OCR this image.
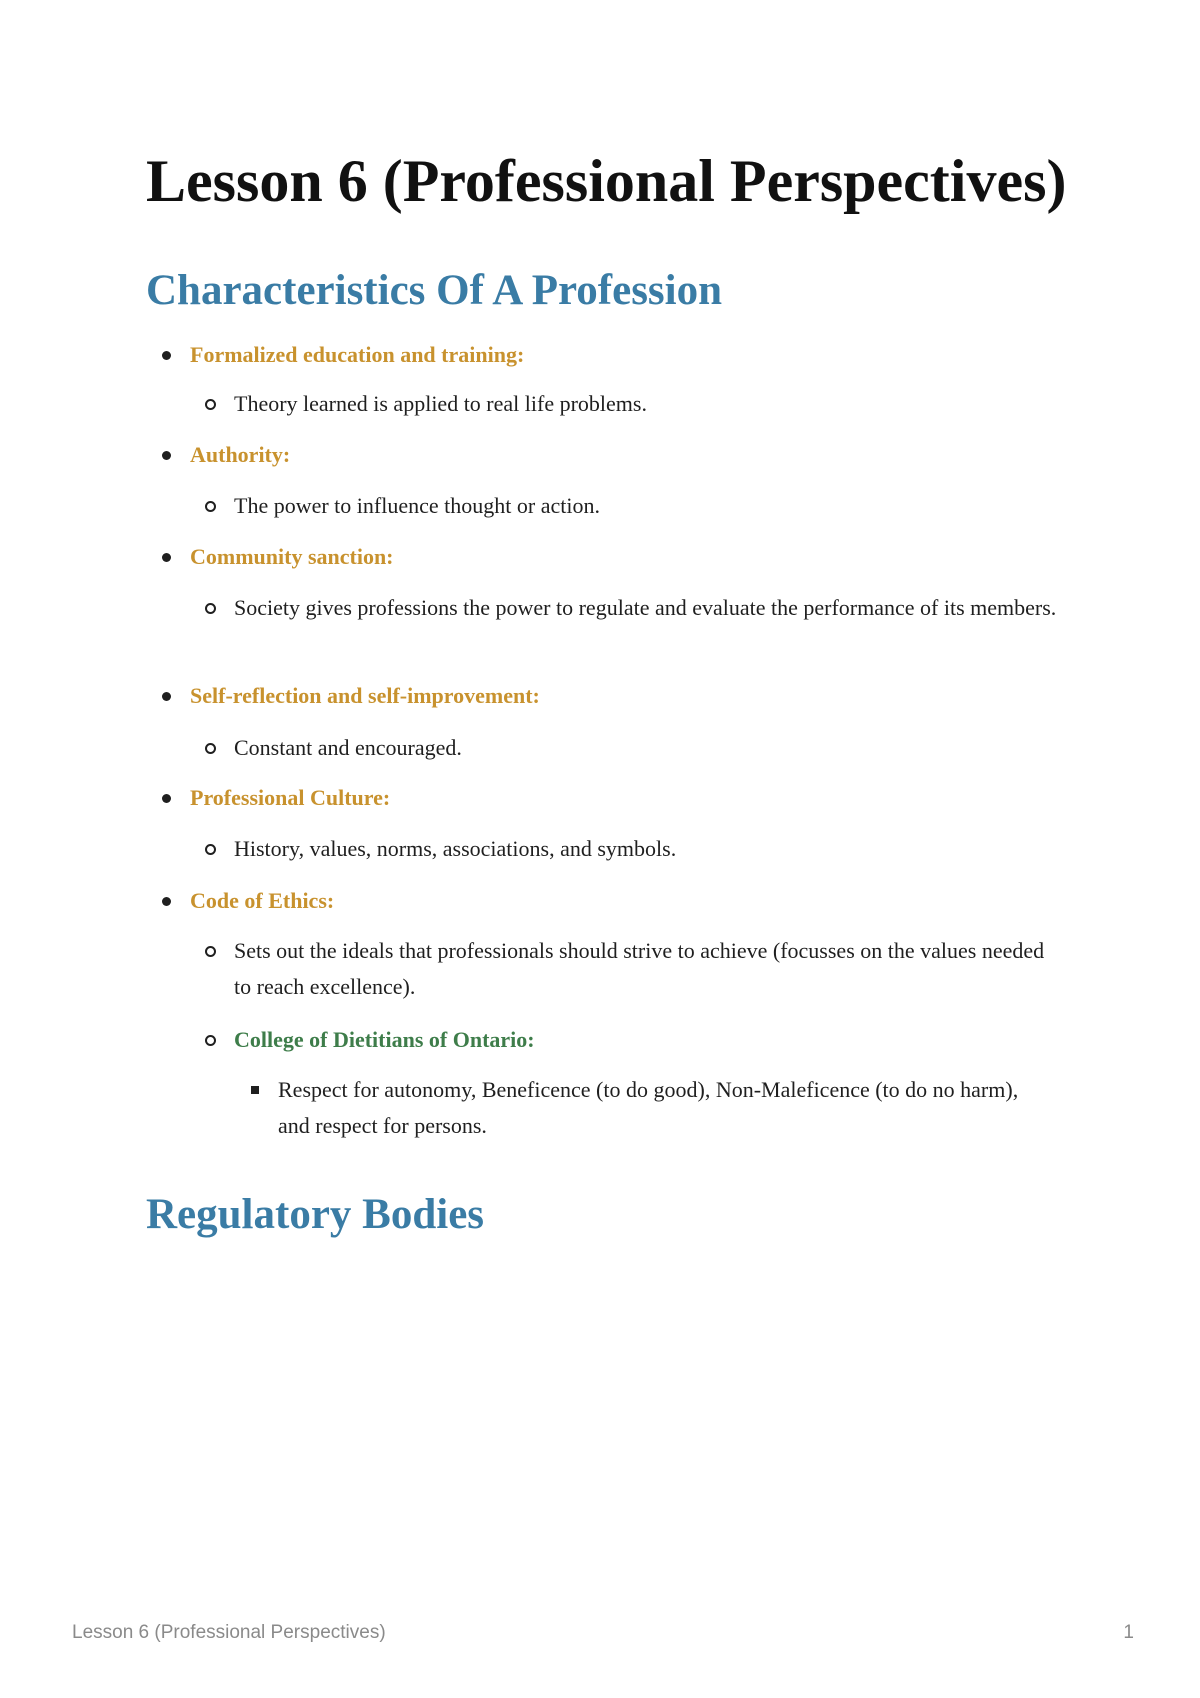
Lesson 6 (Professional Perspectives)
Characteristics Of A Profession
Formalized education and training:
Theory learned is applied to real life problems.
Authority:
The power to influence thought or action.
Community sanction:
Society gives professions the power to regulate and evaluate the performance of its members.
Self-reflection and self-improvement:
Constant and encouraged.
Professional Culture:
History, values, norms, associations, and symbols.
Code of Ethics:
Sets out the ideals that professionals should strive to achieve (focusses on the values needed to reach excellence).
College of Dietitians of Ontario:
Respect for autonomy, Beneficence (to do good), Non-Maleficence (to do no harm), and respect for persons.
Regulatory Bodies
Lesson 6 (Professional Perspectives)	1
